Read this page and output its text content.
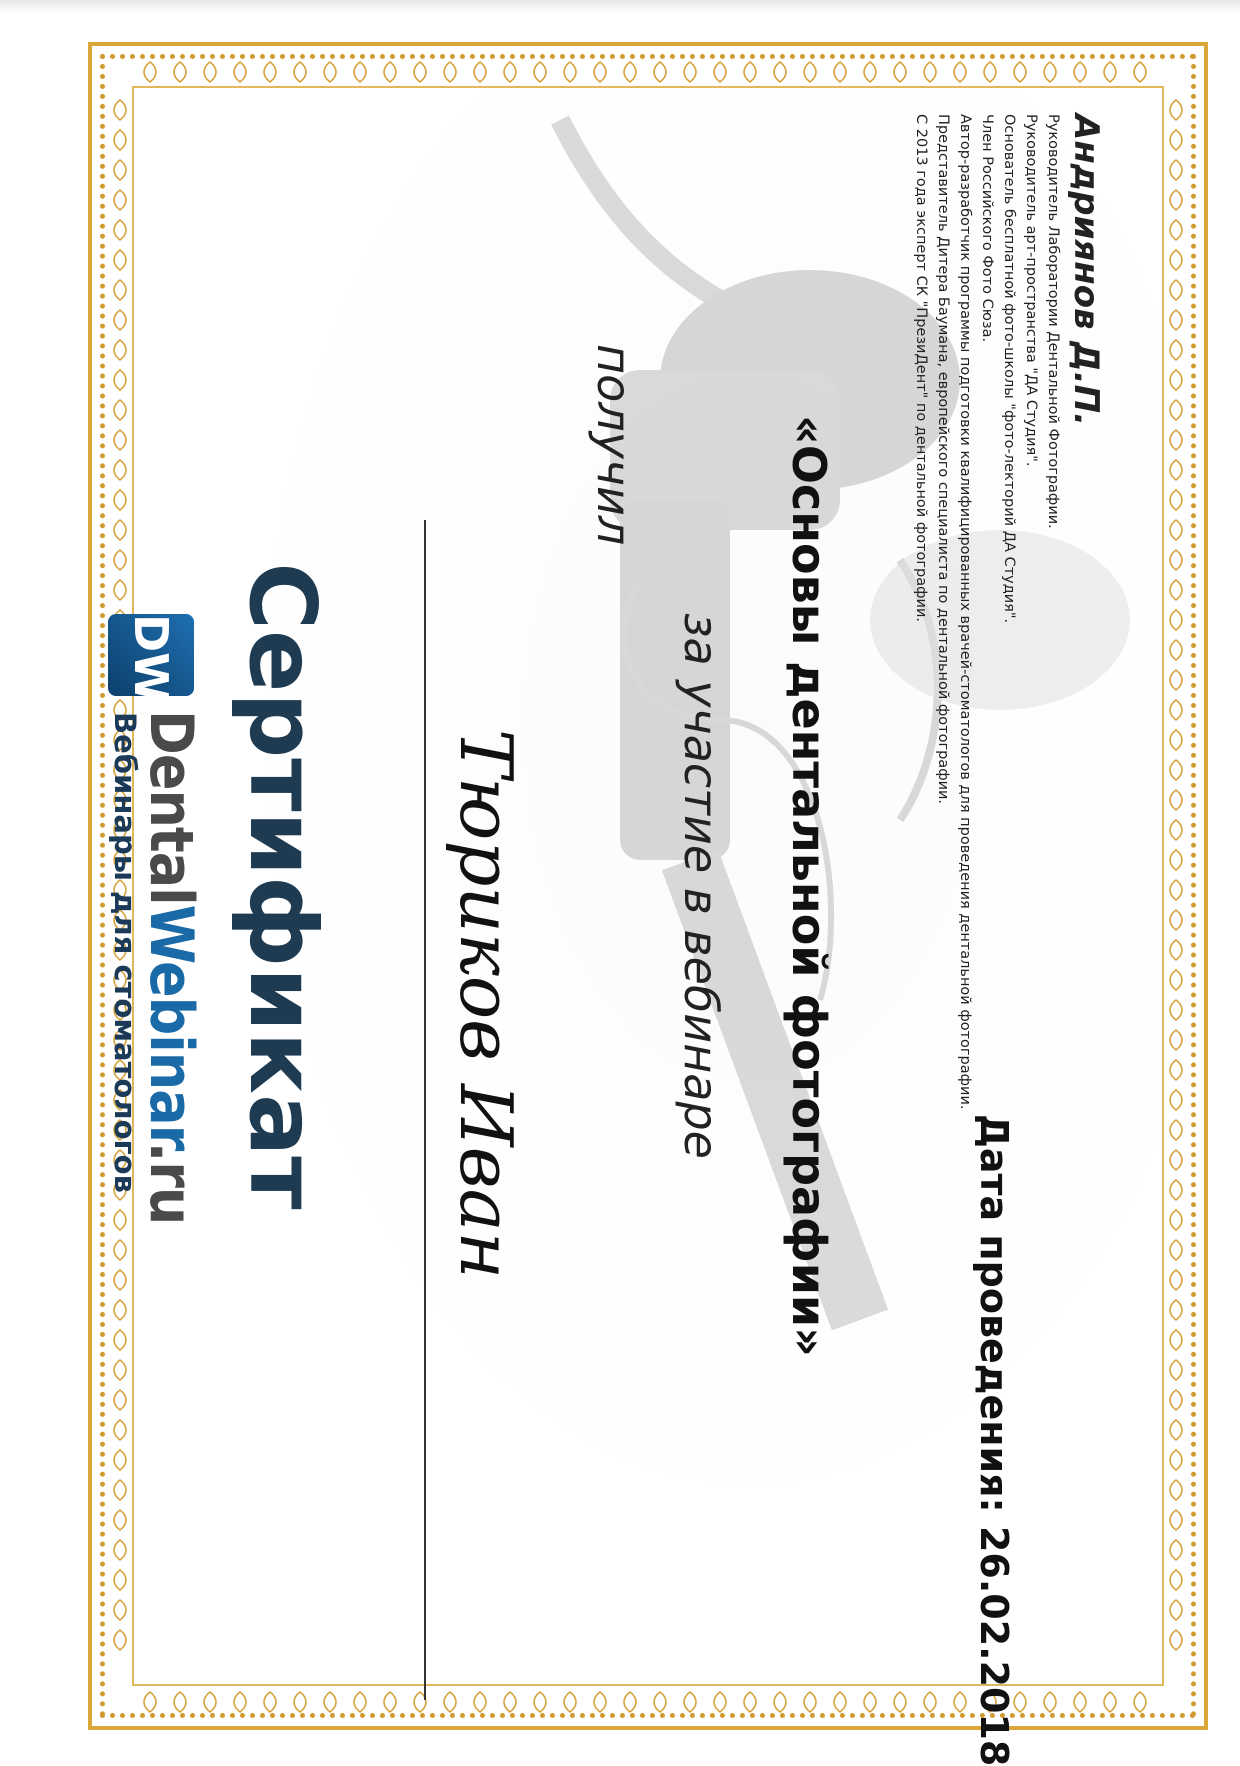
DW
DentalWebinar.ru
Вебинары для стоматологов Сертификат
получил
Тюриков Иван	за участие в вебинаре «Основы дентальной фотографии»
Андриянов Д.П.
Руководитель Лаборатории Дентальной Фотографии.
Руководитель арт-пространства "ДА Студия".
Основатель бесплатной фото-школы "фото-лекторий ДА Студия".
Член Российского Фото Сюза.
Автор-разработчик программы подготовки квалифицированных врачей-стоматологов для проведения дентальной фотографии.
Представитель Дитера Баумана, европейского специалиста по дентальной фотографии.
С 2013 года эксперт СК "ПрезиДент" по дентальной фотографии.
Дата проведения: 26.02.2018
